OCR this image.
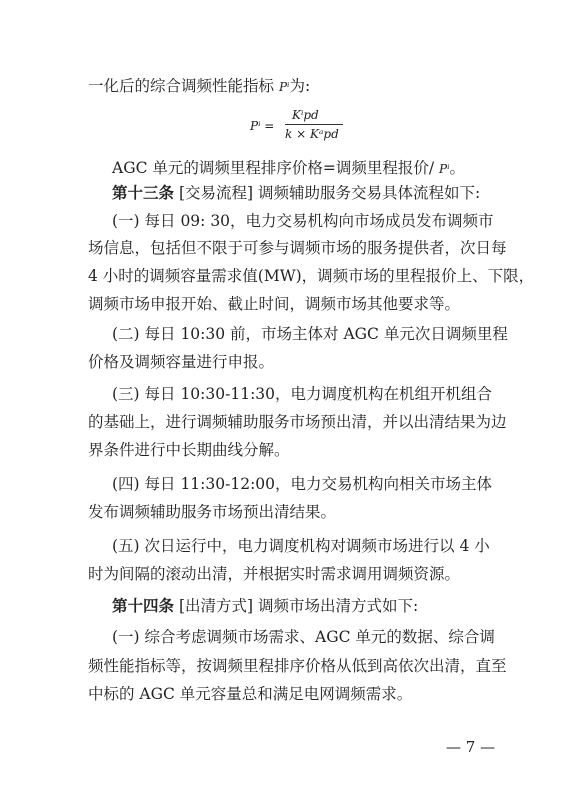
一化后的综合调频性能指标 Pⁱ为:
Pⁱ =
Kⁱpd
k × Kᵃpd
AGC 单元的调频里程排序价格=调频里程报价/ Pⁱ。
第十三条 [交易流程] 调频辅助服务交易具体流程如下:
(一) 每日 09: 30，电力交易机构向市场成员发布调频市
场信息，包括但不限于可参与调频市场的服务提供者，次日每
4 小时的调频容量需求值(MW)，调频市场的里程报价上、下限，
调频市场申报开始、截止时间，调频市场其他要求等。
(二) 每日 10:30 前，市场主体对 AGC 单元次日调频里程
价格及调频容量进行申报。
(三) 每日 10:30-11:30，电力调度机构在机组开机组合
的基础上，进行调频辅助服务市场预出清，并以出清结果为边
界条件进行中长期曲线分解。
(四) 每日 11:30-12:00，电力交易机构向相关市场主体
发布调频辅助服务市场预出清结果。
(五) 次日运行中，电力调度机构对调频市场进行以 4 小
时为间隔的滚动出清，并根据实时需求调用调频资源。
第十四条 [出清方式] 调频市场出清方式如下:
(一) 综合考虑调频市场需求、AGC 单元的数据、综合调
频性能指标等，按调频里程排序价格从低到高依次出清，直至
中标的 AGC 单元容量总和满足电网调频需求。
— 7 —
